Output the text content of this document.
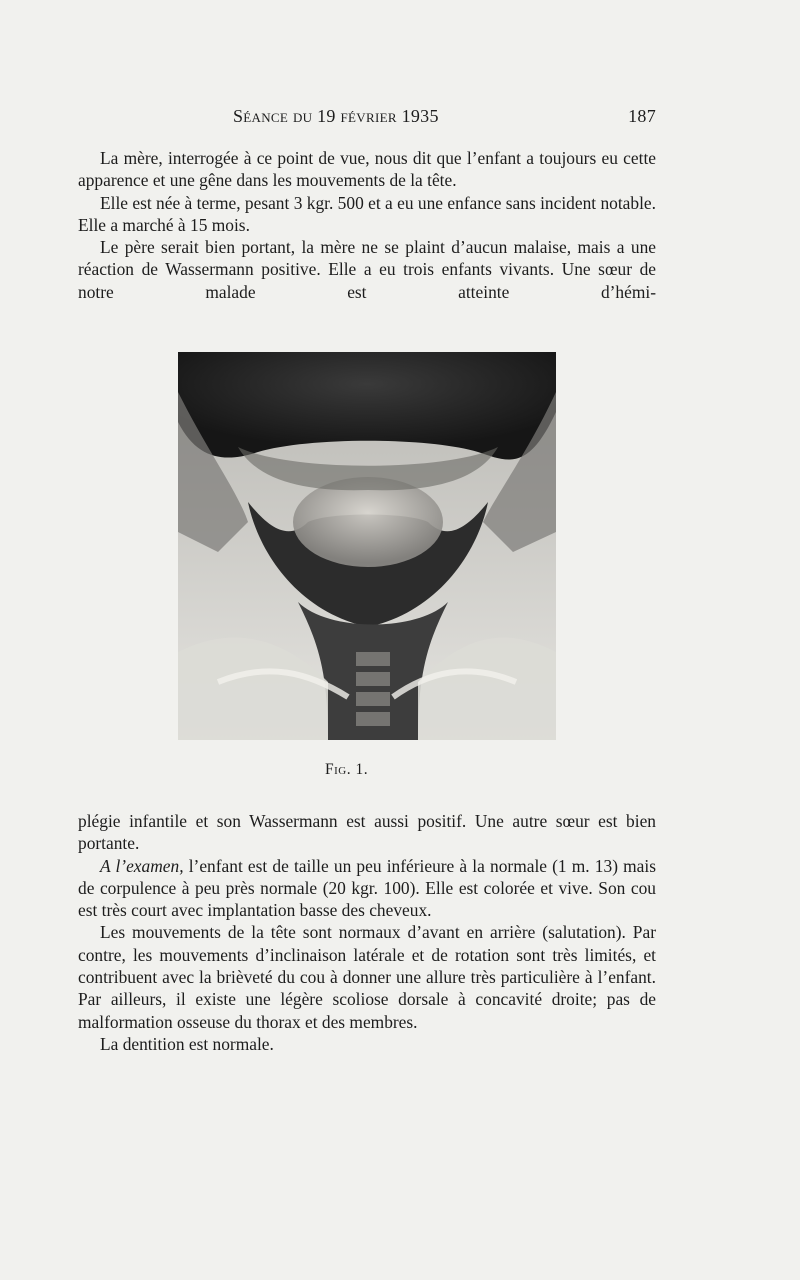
Séance du 19 février 1935	187

La mère, interrogée à ce point de vue, nous dit que l’enfant a toujours eu cette apparence et une gêne dans les mouvements de la tête.

Elle est née à terme, pesant 3 kgr. 500 et a eu une enfance sans incident notable. Elle a marché à 15 mois.

Le père serait bien portant, la mère ne se plaint d’aucun malaise, mais a une réaction de Wassermann positive. Elle a eu trois enfants vivants. Une sœur de notre malade est atteinte d’hémi-

Fig. 1.

plégie infantile et son Wassermann est aussi positif. Une autre sœur est bien portante.

A l’examen, l’enfant est de taille un peu inférieure à la normale (1 m. 13) mais de corpulence à peu près normale (20 kgr. 100). Elle est colorée et vive. Son cou est très court avec implantation basse des cheveux.

Les mouvements de la tête sont normaux d’avant en arrière (salutation). Par contre, les mouvements d’inclinaison latérale et de rotation sont très limités, et contribuent avec la brièveté du cou à donner une allure très particulière à l’enfant. Par ailleurs, il existe une légère scoliose dorsale à concavité droite; pas de malformation osseuse du thorax et des membres.

La dentition est normale.
